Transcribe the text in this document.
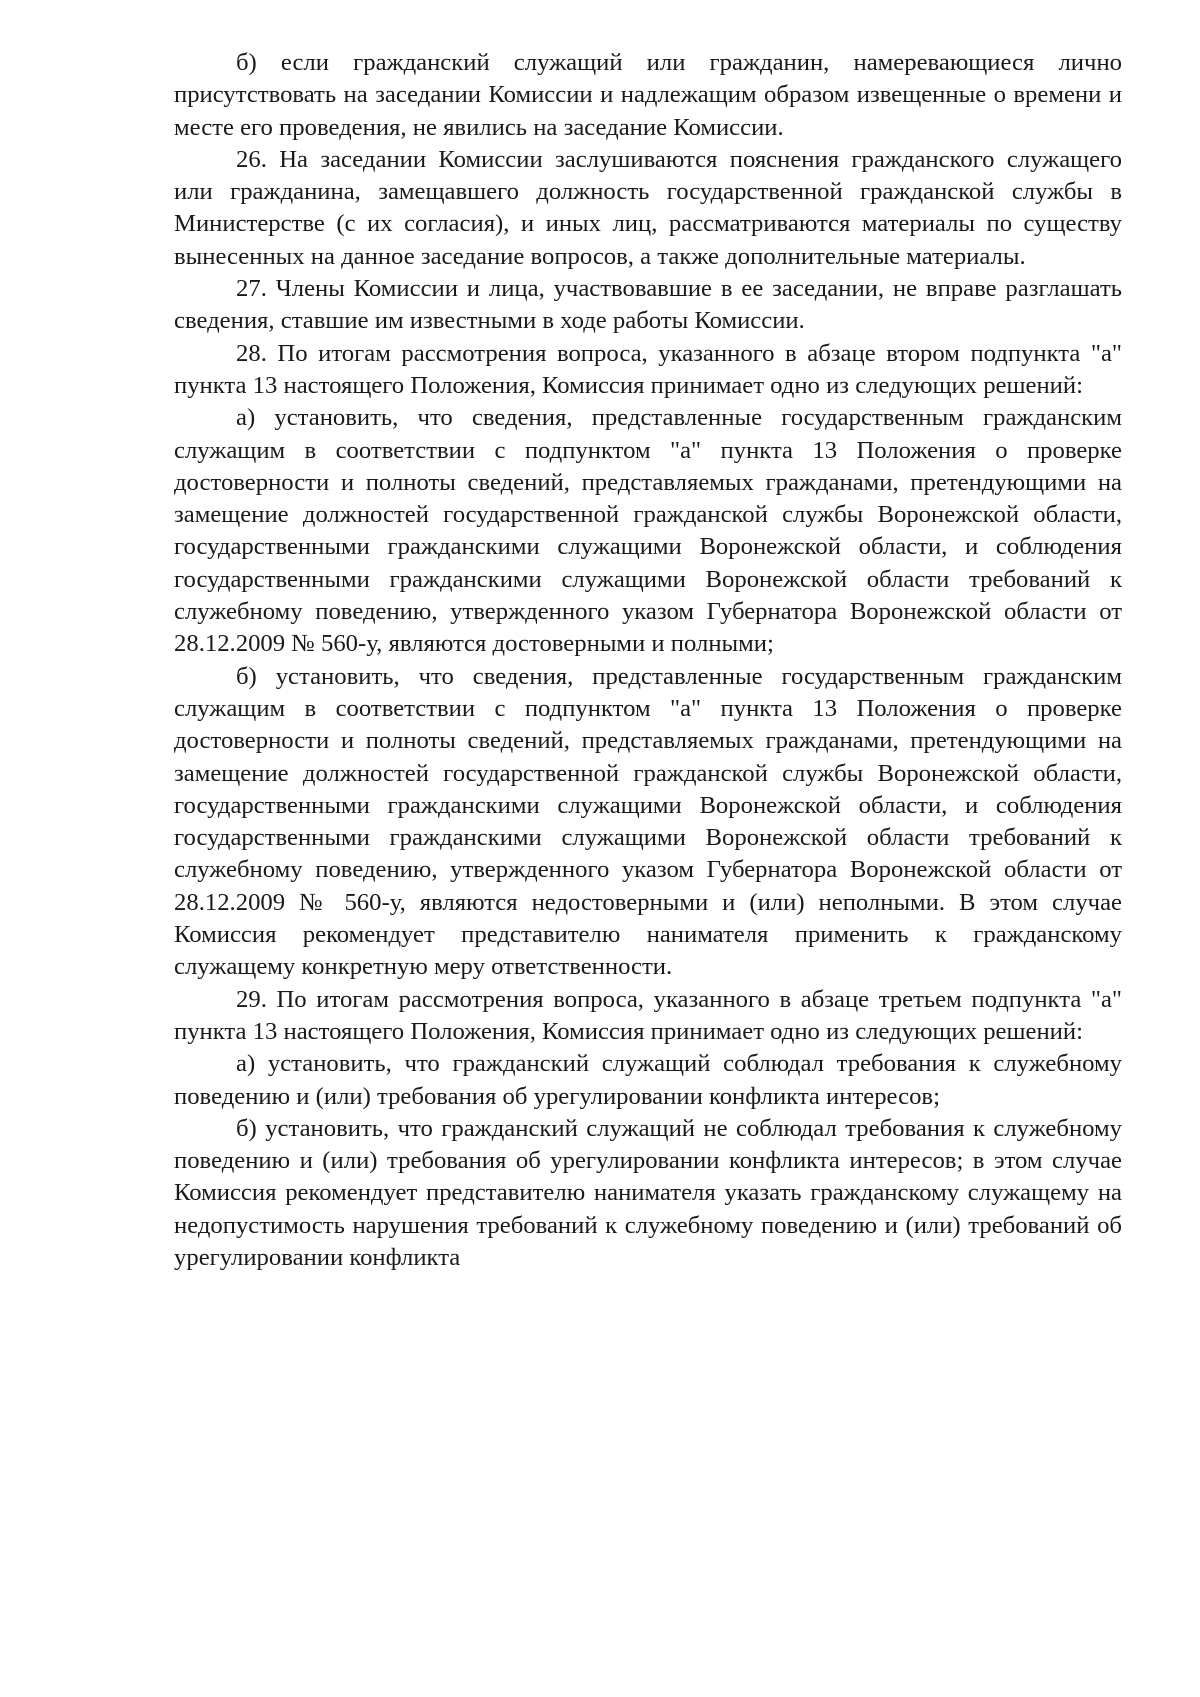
б) если гражданский служащий или гражданин, намеревающиеся лично присутствовать на заседании Комиссии и надлежащим образом извещенные о времени и месте его проведения, не явились на заседание Комиссии.

26. На заседании Комиссии заслушиваются пояснения гражданского служащего или гражданина, замещавшего должность государственной гражданской службы в Министерстве (с их согласия), и иных лиц, рассматриваются материалы по существу вынесенных на данное заседание вопросов, а также дополнительные материалы.

27. Члены Комиссии и лица, участвовавшие в ее заседании, не вправе разглашать сведения, ставшие им известными в ходе работы Комиссии.

28. По итогам рассмотрения вопроса, указанного в абзаце втором подпункта "а" пункта 13 настоящего Положения, Комиссия принимает одно из следующих решений:

а) установить, что сведения, представленные государственным гражданским служащим в соответствии с подпунктом "а" пункта 13 Положения о проверке достоверности и полноты сведений, представляемых гражданами, претендующими на замещение должностей государственной гражданской службы Воронежской области, государственными гражданскими служащими Воронежской области, и соблюдения государственными гражданскими служащими Воронежской области требований к служебному поведению, утвержденного указом Губернатора Воронежской области от 28.12.2009 № 560-у, являются достоверными и полными;

б) установить, что сведения, представленные государственным гражданским служащим в соответствии с подпунктом "а" пункта 13 Положения о проверке достоверности и полноты сведений, представляемых гражданами, претендующими на замещение должностей государственной гражданской службы Воронежской области, государственными гражданскими служащими Воронежской области, и соблюдения государственными гражданскими служащими Воронежской области требований к служебному поведению, утвержденного указом Губернатора Воронежской области от 28.12.2009 № 560-у, являются недостоверными и (или) неполными. В этом случае Комиссия рекомендует представителю нанимателя применить к гражданскому служащему конкретную меру ответственности.

29. По итогам рассмотрения вопроса, указанного в абзаце третьем подпункта "а" пункта 13 настоящего Положения, Комиссия принимает одно из следующих решений:

а) установить, что гражданский служащий соблюдал требования к служебному поведению и (или) требования об урегулировании конфликта интересов;

б) установить, что гражданский служащий не соблюдал требования к служебному поведению и (или) требования об урегулировании конфликта интересов; в этом случае Комиссия рекомендует представителю нанимателя указать гражданскому служащему на недопустимость нарушения требований к служебному поведению и (или) требований об урегулировании конфликта
